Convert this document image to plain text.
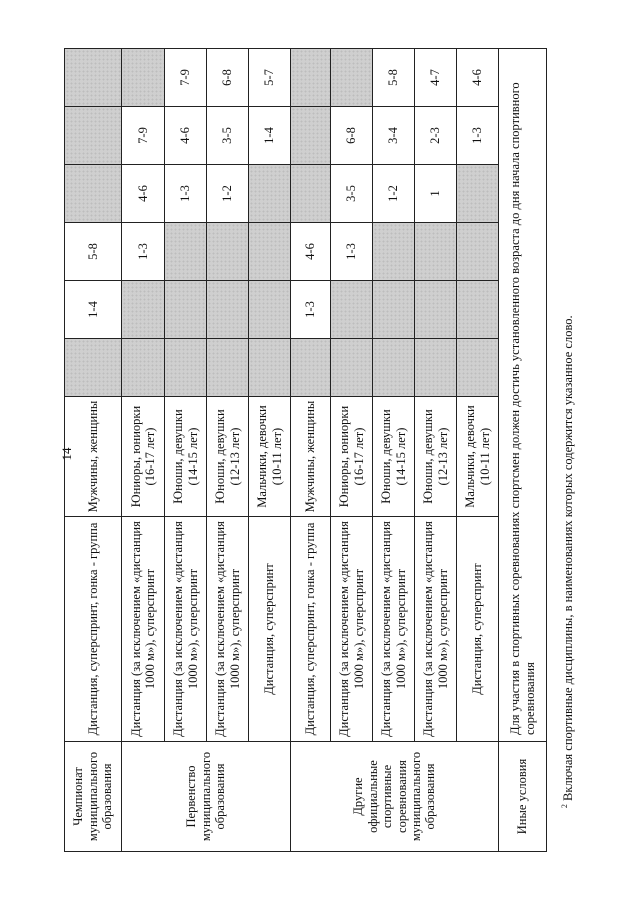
14
Чемпионат муниципального образования	Дистанция, суперспринт, гонка - группа	Мужчины, женщины		1-4	5-8			
Первенство муниципального образования	Дистанция (за исключением «дистанция 1000 м»), суперспринт	Юниоры, юниорки (16-17 лет)			1-3	4-6	7-9	
	Дистанция (за исключением «дистанция 1000 м»), суперспринт	Юноши, девушки (14-15 лет)				1-3	4-6	7-9
	Дистанция (за исключением «дистанция 1000 м»), суперспринт	Юноши, девушки (12-13 лет)				1-2	3-5	6-8
	Дистанция, суперспринт	Мальчики, девочки (10-11 лет)					1-4	5-7
Другие официальные спортивные соревнования муниципального образования	Дистанция, суперспринт, гонка - группа	Мужчины, женщины		1-3	4-6			
	Дистанция (за исключением «дистанция 1000 м»), суперспринт	Юниоры, юниорки (16-17 лет)			1-3	3-5	6-8	
	Дистанция (за исключением «дистанция 1000 м»), суперспринт	Юноши, девушки (14-15 лет)				1-2	3-4	5-8
	Дистанция (за исключением «дистанция 1000 м»), суперспринт	Юноши, девушки (12-13 лет)				1	2-3	4-7
	Дистанция, суперспринт	Мальчики, девочки (10-11 лет)					1-3	4-6
Иные условия	Для участия в спортивных соревнованиях спортсмен должен достичь установленного возраста до дня начала спортивного соревнования							
$^2$ Включая спортивные дисциплины, в наименованиях которых содержится указанное слово.
